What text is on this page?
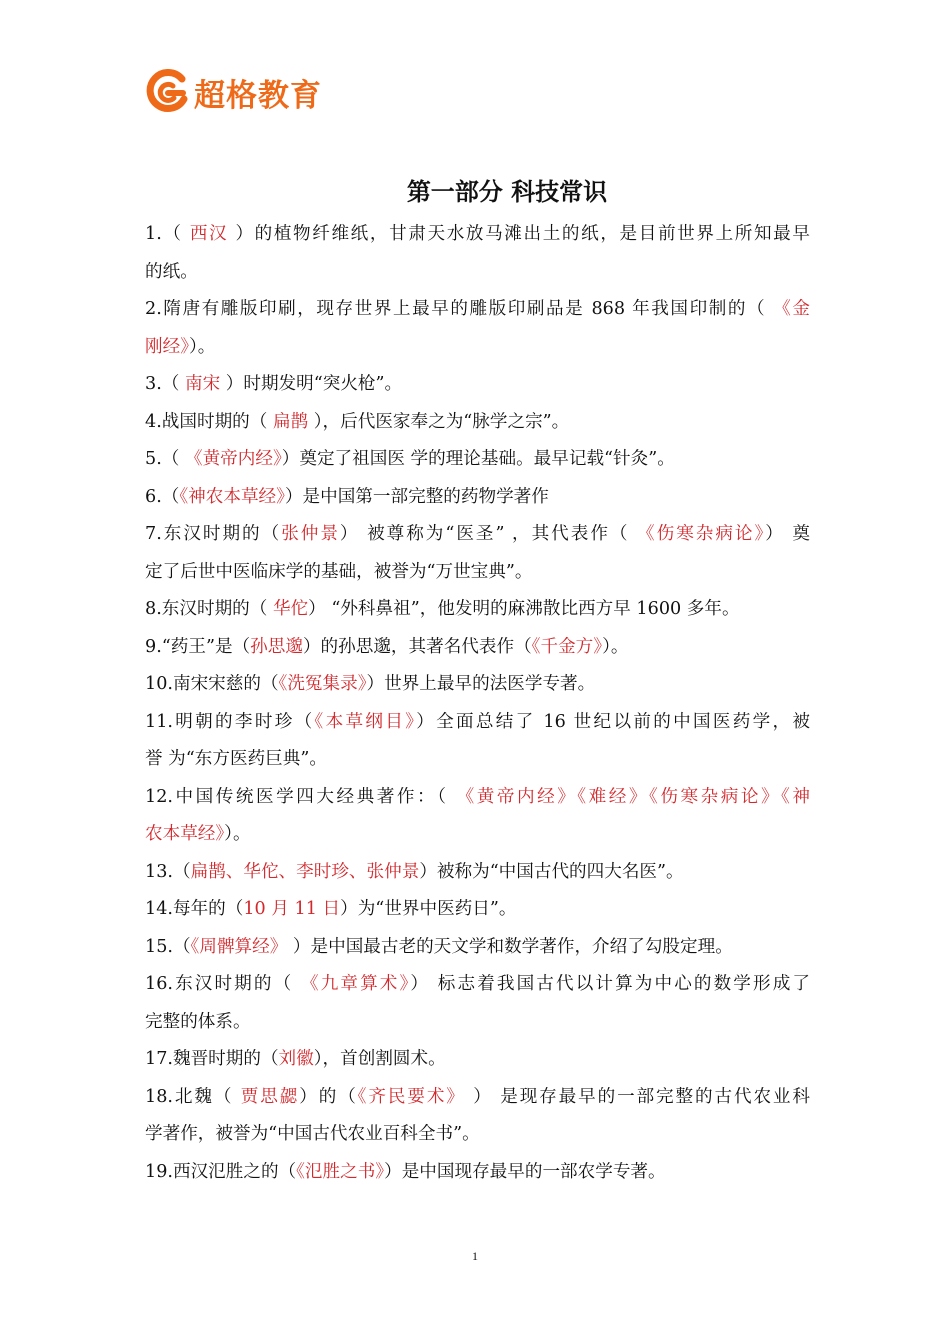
超格教育
第一部分 科技常识
1.（ 西汉 ）的植物纤维纸，甘肃天水放马滩出土的纸，是目前世界上所知最早
的纸。
2.隋唐有雕版印刷，现存世界上最早的雕版印刷品是 868 年我国印制的（ 《金
刚经》）。
3.（ 南宋 ）时期发明“突火枪”。
4.战国时期的（ 扁鹊 ），后代医家奉之为“脉学之宗”。
5.（ 《黄帝内经》）奠定了祖国医 学的理论基础。最早记载“针灸”。
6.（《神农本草经》）是中国第一部完整的药物学著作
7.东汉时期的（张仲景） 被尊称为“医圣” ，其代表作（ 《伤寒杂病论》） 奠
定了后世中医临床学的基础，被誉为“万世宝典”。
8.东汉时期的（ 华佗） “外科鼻祖”，他发明的麻沸散比西方早 1600 多年。
9.“药王”是（孙思邈）的孙思邈，其著名代表作（《千金方》）。
10.南宋宋慈的（《洗冤集录》）世界上最早的法医学专著。
11.明朝的李时珍（《本草纲目》）全面总结了 16 世纪以前的中国医药学，被
誉 为“东方医药巨典”。
12.中国传统医学四大经典著作：（ 《黄帝内经》《难经》《伤寒杂病论》《神
农本草经》）。
13.（扁鹊、华佗、李时珍、张仲景）被称为“中国古代的四大名医”。
14.每年的（10 月 11 日）为“世界中医药日”。
15.（《周髀算经》 ）是中国最古老的天文学和数学著作，介绍了勾股定理。
16.东汉时期的（ 《九章算术》） 标志着我国古代以计算为中心的数学形成了
完整的体系。
17.魏晋时期的（刘徽），首创割圆术。
18.北魏（ 贾思勰）的（《齐民要术》 ） 是现存最早的一部完整的古代农业科
学著作，被誉为“中国古代农业百科全书”。
19.西汉氾胜之的（《氾胜之书》）是中国现存最早的一部农学专著。
1
